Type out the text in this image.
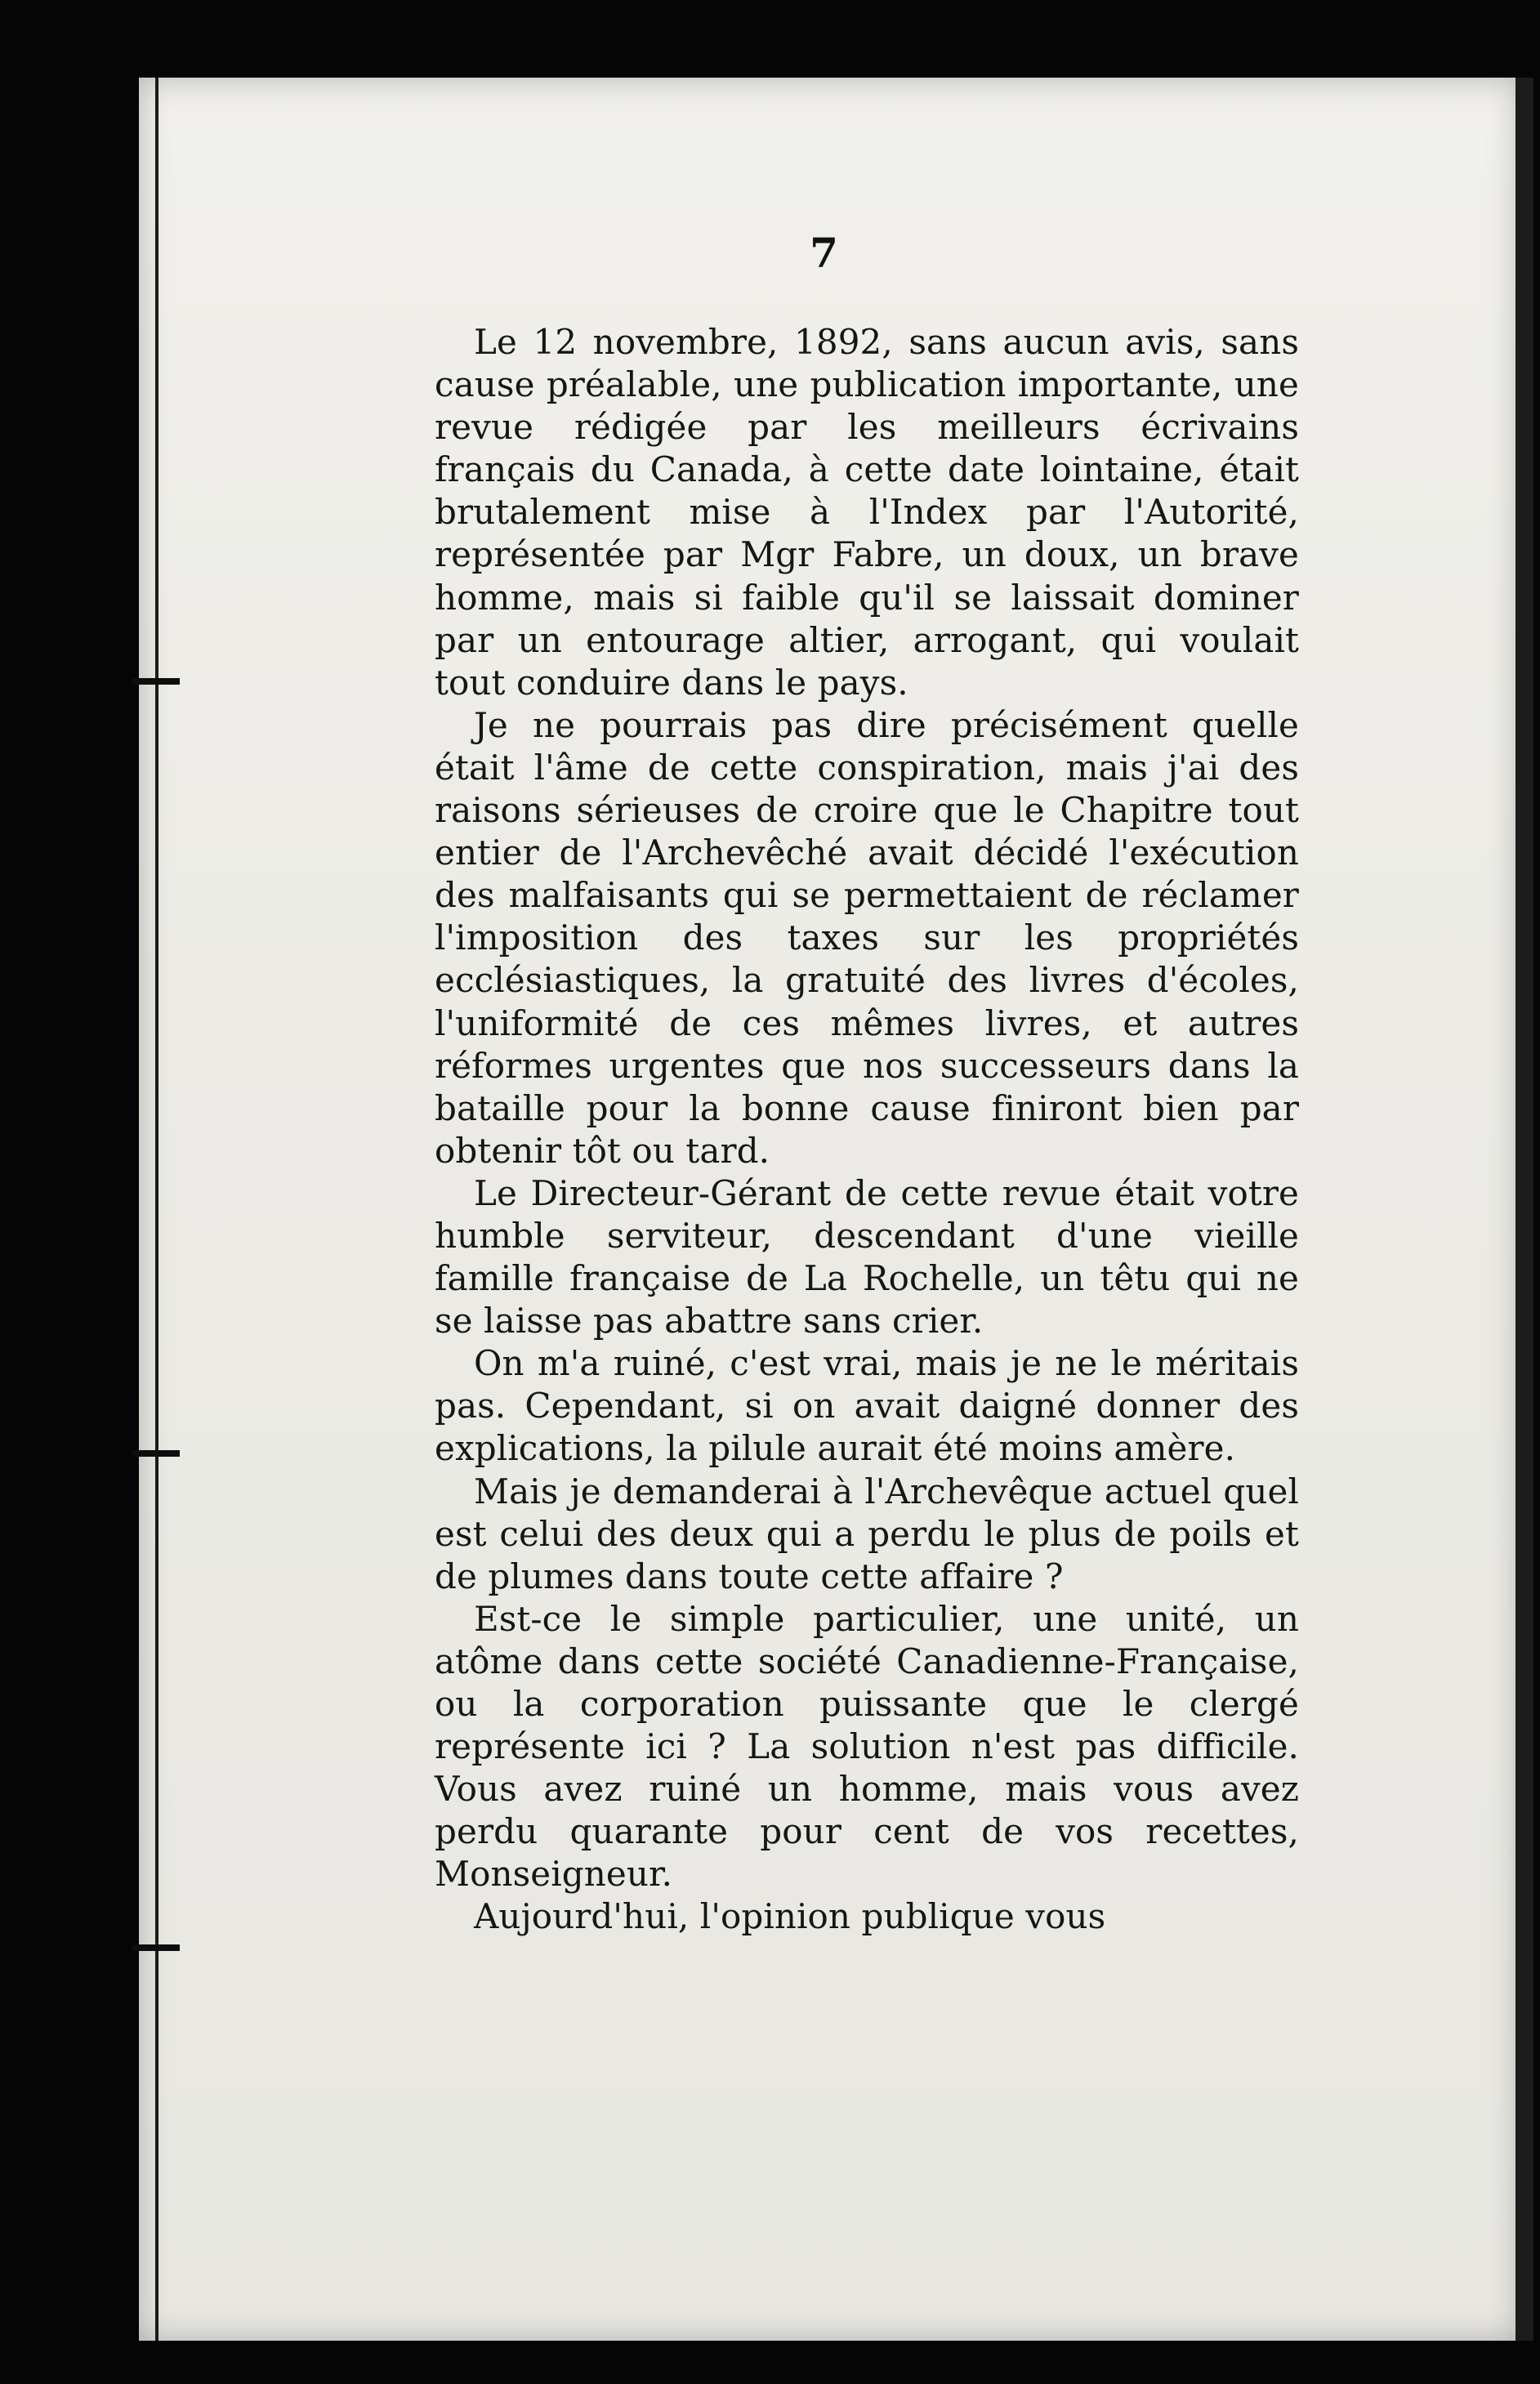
7

Le 12 novembre, 1892, sans aucun avis, sans cause préalable, une publication importante, une revue rédigée par les meilleurs écrivains français du Canada, à cette date lointaine, était brutalement mise à l'Index par l'Autorité, représentée par Mgr Fabre, un doux, un brave homme, mais si faible qu'il se laissait dominer par un entourage altier, arrogant, qui voulait tout conduire dans le pays.

Je ne pourrais pas dire précisément quelle était l'âme de cette conspiration, mais j'ai des raisons sérieuses de croire que le Chapitre tout entier de l'Archevêché avait décidé l'exécution des malfaisants qui se permettaient de réclamer l'imposition des taxes sur les propriétés ecclésiastiques, la gratuité des livres d'écoles, l'uniformité de ces mêmes livres, et autres réformes urgentes que nos successeurs dans la bataille pour la bonne cause finiront bien par obtenir tôt ou tard.

Le Directeur-Gérant de cette revue était votre humble serviteur, descendant d'une vieille famille française de La Rochelle, un têtu qui ne se laisse pas abattre sans crier.

On m'a ruiné, c'est vrai, mais je ne le méritais pas. Cependant, si on avait daigné donner des explications, la pilule aurait été moins amère.

Mais je demanderai à l'Archevêque actuel quel est celui des deux qui a perdu le plus de poils et de plumes dans toute cette affaire ?

Est-ce le simple particulier, une unité, un atôme dans cette société Canadienne-Française, ou la corporation puissante que le clergé représente ici ? La solution n'est pas difficile. Vous avez ruiné un homme, mais vous avez perdu quarante pour cent de vos recettes, Monseigneur.

Aujourd'hui, l'opinion publique vous
